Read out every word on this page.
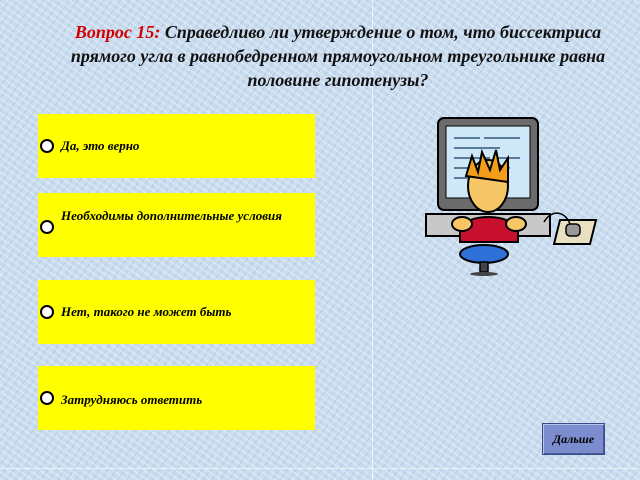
Вопрос 15: Справедливо ли утверждение о том, что биссектриса прямого угла в равнобедренном прямоугольном треугольнике равна половине гипотенузы?
Да, это верно
Необходимы дополнительные условия
Нет, такого не может быть
Затрудняюсь ответить
Дальше
